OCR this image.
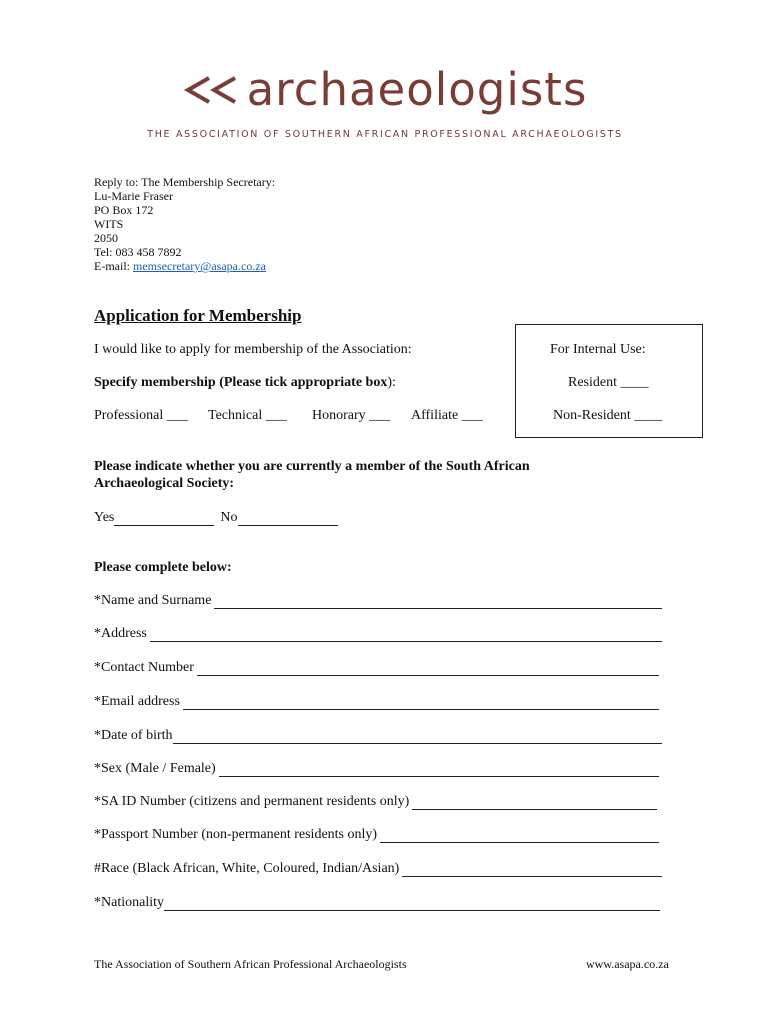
archaeologists
THE ASSOCIATION OF SOUTHERN AFRICAN PROFESSIONAL ARCHAEOLOGISTS
Reply to: The Membership Secretary:
Lu-Marie Fraser
PO Box 172
WITS
2050
Tel: 083 458 7892
E-mail: memsecretary@asapa.co.za
Application for Membership
I would like to apply for membership of the Association:
Specify membership (Please tick appropriate box):
Professional ___ Technical ___ Honorary ___ Affiliate ___
For Internal Use:
Resident ____
Non-Resident ____
Please indicate whether you are currently a member of the South African
Archaeological Society:
Yes	No
Please complete below:
*Name and Surname
*Address
*Contact Number
*Email address
*Date of birth
*Sex (Male / Female)
*SA ID Number (citizens and permanent residents only)
*Passport Number (non-permanent residents only)
#Race (Black African, White, Coloured, Indian/Asian)
*Nationality
The Association of Southern African Professional Archaeologists	www.asapa.co.za
